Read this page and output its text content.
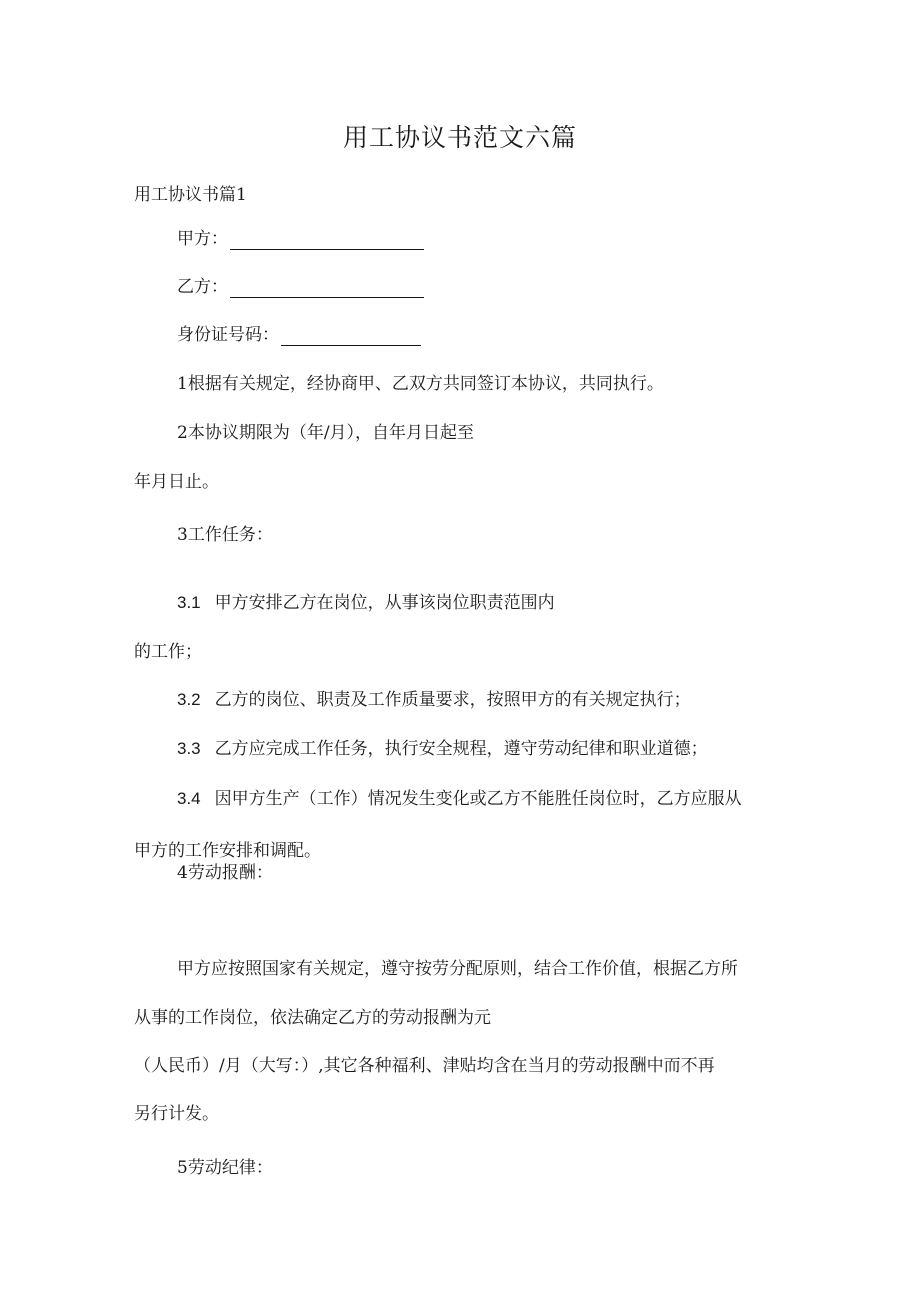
用工协议书范文六篇
用工协议书篇1
甲方：
乙方：
身份证号码：
1根据有关规定，经协商甲、乙双方共同签订本协议，共同执行。
2本协议期限为（年/月），自年月日起至
年月日止。
3工作任务：
3.1 甲方安排乙方在岗位，从事该岗位职责范围内
的工作；
3.2 乙方的岗位、职责及工作质量要求，按照甲方的有关规定执行；
3.3 乙方应完成工作任务，执行安全规程，遵守劳动纪律和职业道德；
3.4 因甲方生产（工作）情况发生变化或乙方不能胜任岗位时，乙方应服从
甲方的工作安排和调配。
4劳动报酬：
甲方应按照国家有关规定，遵守按劳分配原则，结合工作价值，根据乙方所
从事的工作岗位，依法确定乙方的劳动报酬为元
（人民币）/月（大写：）,其它各种福利、津贴均含在当月的劳动报酬中而不再
另行计发。
5劳动纪律：
